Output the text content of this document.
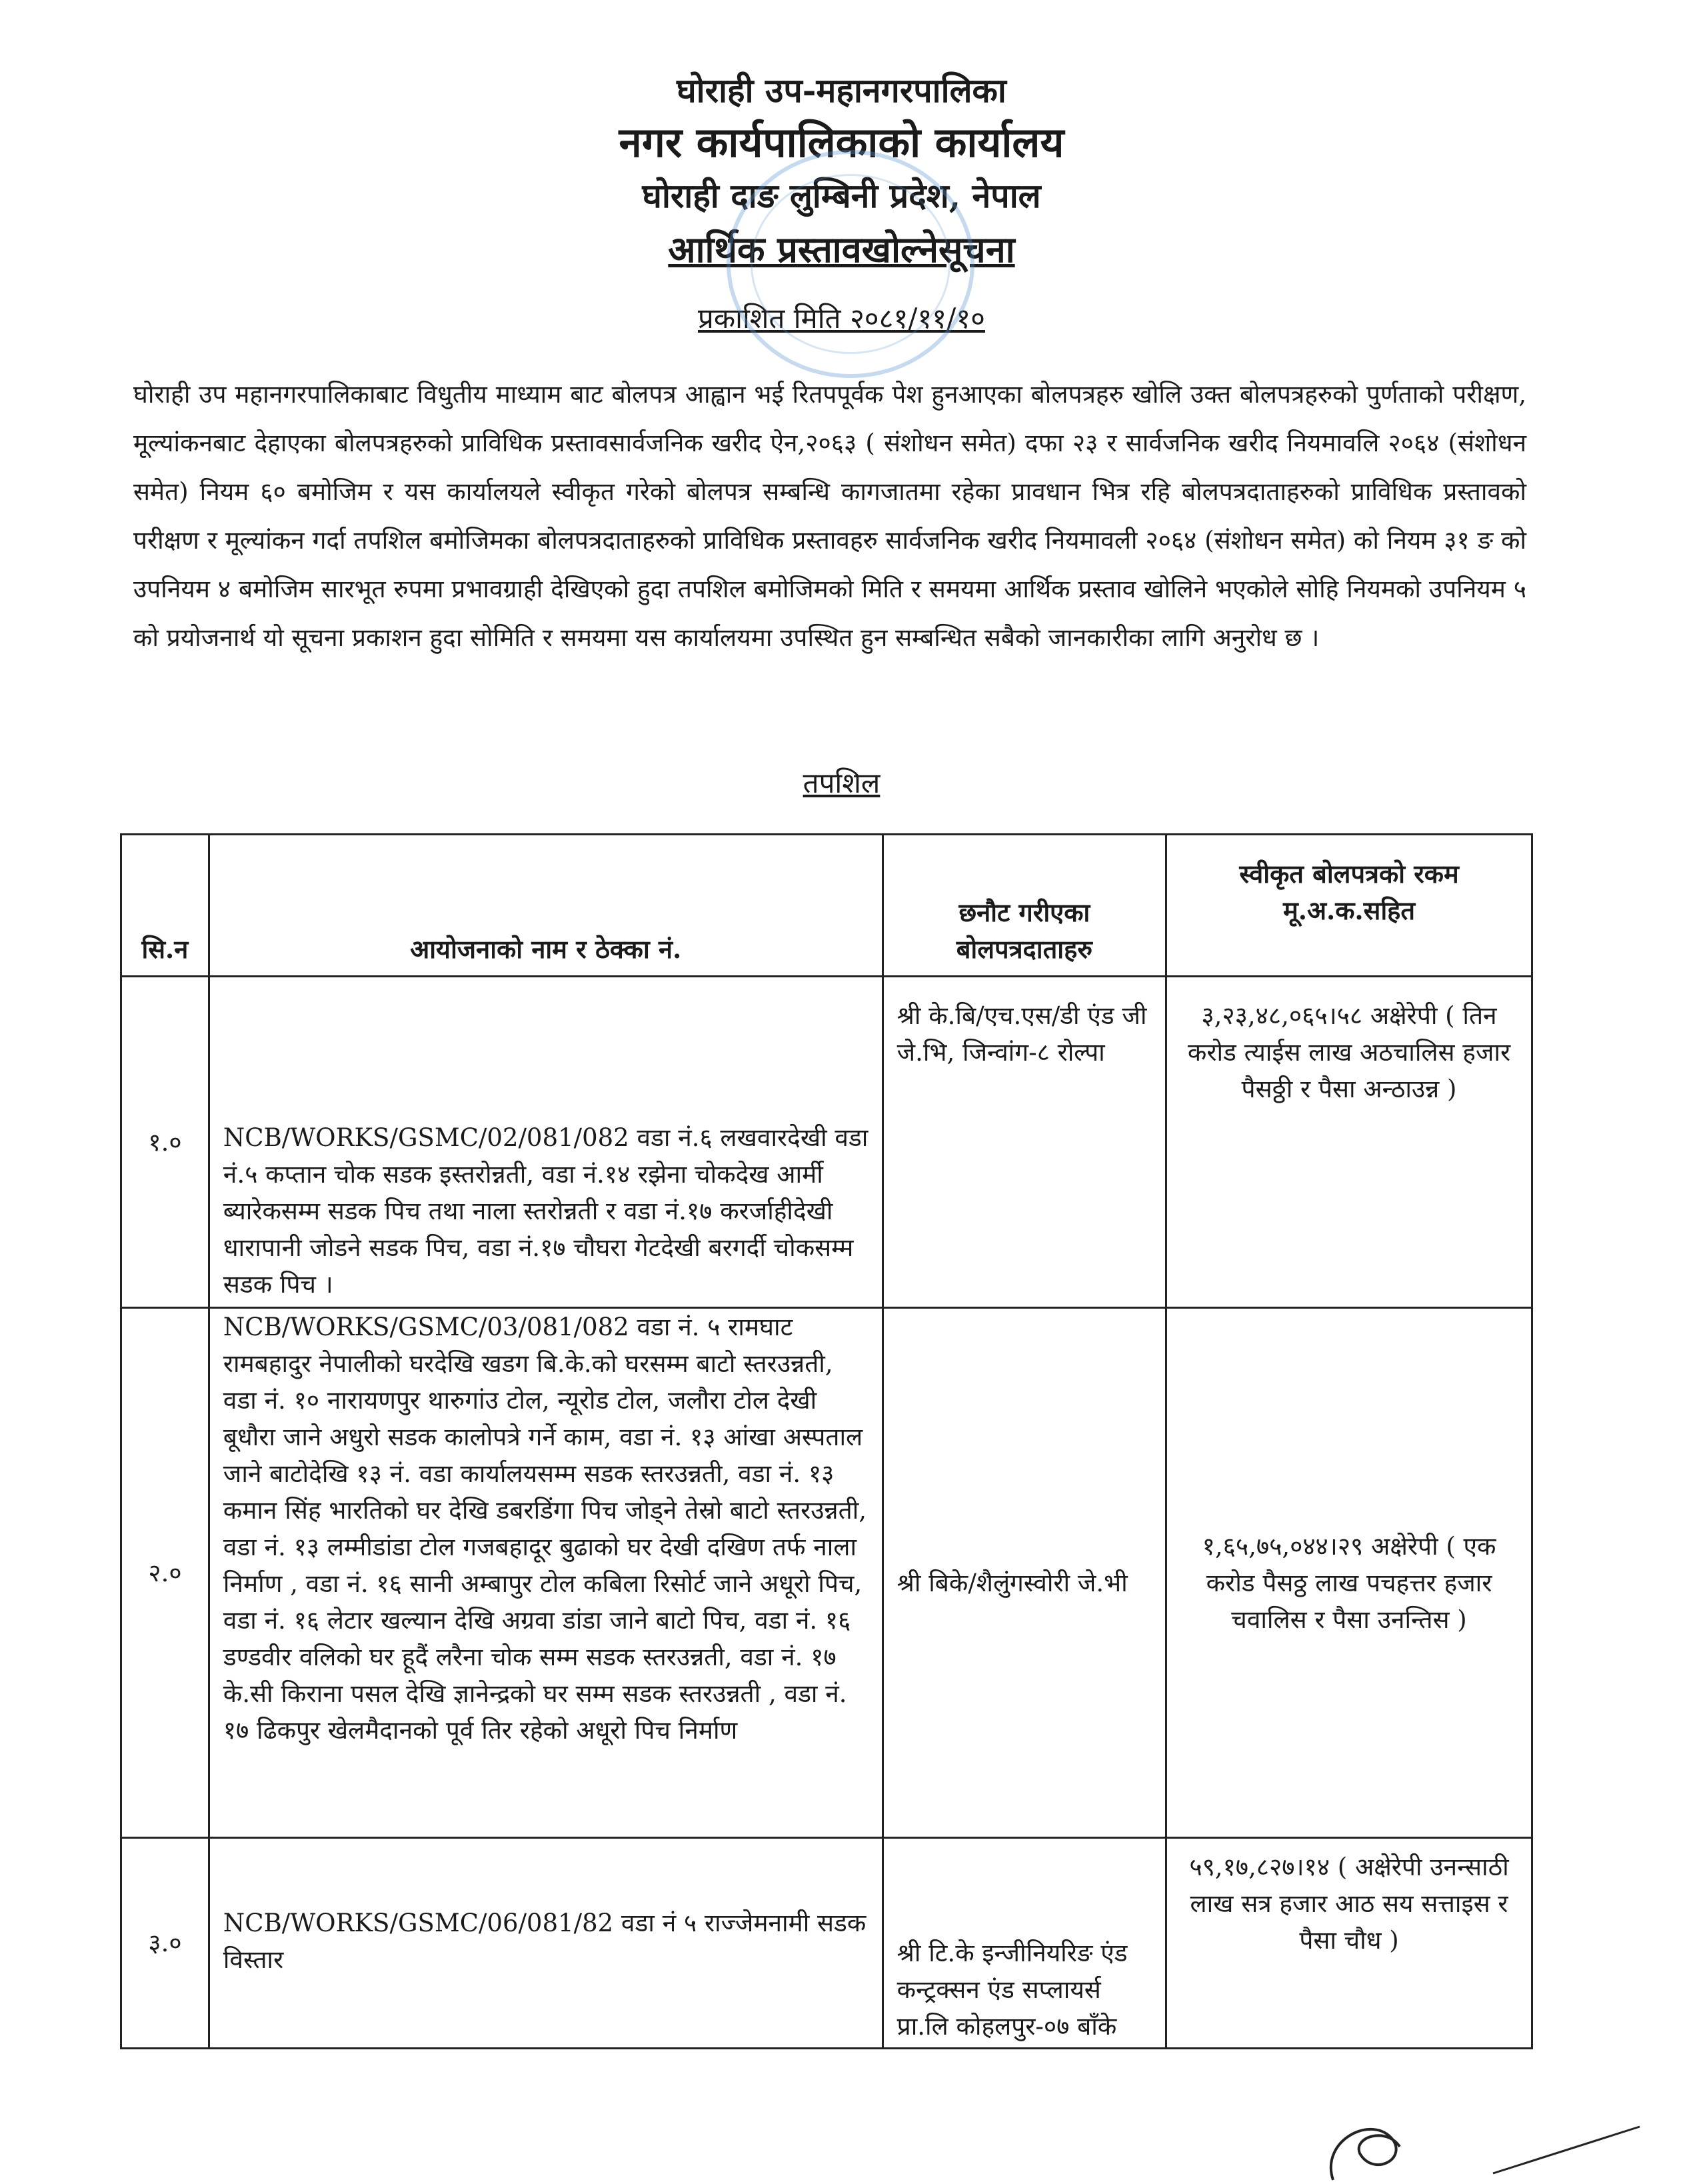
घोराही उप-महानगरपालिका
नगर कार्यपालिकाको कार्यालय
घोराही दाङ लुम्बिनी प्रदेश, नेपाल
आर्थिक प्रस्तावखोल्नेसूचना
प्रकाशित मिति २०८१/११/१०
घोराही उप महानगरपालिकाबाट विधुतीय माध्याम बाट बोलपत्र आह्वान भई रितपपूर्वक पेश हुनआएका बोलपत्रहरु खोलि उक्त बोलपत्रहरुको पुर्णताको परीक्षण, मूल्यांकनबाट देहाएका बोलपत्रहरुको प्राविधिक प्रस्तावसार्वजनिक खरीद ऐन,२०६३ ( संशोधन समेत) दफा २३ र सार्वजनिक खरीद नियमावलि २०६४ (संशोधन समेत) नियम ६० बमोजिम र यस कार्यालयले स्वीकृत गरेको बोलपत्र सम्बन्धि कागजातमा रहेका प्रावधान भित्र रहि बोलपत्रदाताहरुको प्राविधिक प्रस्तावको परीक्षण र मूल्यांकन गर्दा तपशिल बमोजिमका बोलपत्रदाताहरुको प्राविधिक प्रस्तावहरु सार्वजनिक खरीद नियमावली २०६४ (संशोधन समेत) को नियम ३१ ङ को उपनियम ४ बमोजिम सारभूत रुपमा प्रभावग्राही देखिएको हुदा तपशिल बमोजिमको मिति र समयमा आर्थिक प्रस्ताव खोलिने भएकोले सोहि नियमको उपनियम ५ को प्रयोजनार्थ यो सूचना प्रकाशन हुदा सोमिति र समयमा यस कार्यालयमा उपस्थित हुन सम्बन्धित सबैको जानकारीका लागि अनुरोध छ ।
तपशिल
सि.न	आयोजनाको नाम र ठेक्का नं.	छनौट गरीएका बोलपत्रदाताहरु	स्वीकृत बोलपत्रको रकम मू.अ.क.सहित
१.०	NCB/WORKS/GSMC/02/081/082 वडा नं.६ लखवारदेखी वडा नं.५ कप्तान चोक सडक इस्तरोन्नती, वडा नं.१४ रझेना चोकदेख आर्मी ब्यारेकसम्म सडक पिच तथा नाला स्तरोन्नती र वडा नं.१७ करर्जाहीदेखी धारापानी जोडने सडक पिच, वडा नं.१७ चौघरा गेटदेखी बरगर्दी चोकसम्म सडक पिच ।	श्री के.बि/एच.एस/डी एंड जी जे.भि, जिन्वांग-८ रोल्पा	३,२३,४८,०६५।५८ अक्षेरेपी ( तिन करोड त्याईस लाख अठचालिस हजार पैसठ्ठी र पैसा अन्ठाउन्न )
२.०	NCB/WORKS/GSMC/03/081/082 वडा नं. ५ रामघाट रामबहादुर नेपालीको घरदेखि खडग बि.के.को घरसम्म बाटो स्तरउन्नती, वडा नं. १० नारायणपुर थारुगांउ टोल, न्यूरोड टोल, जलौरा टोल देखी बूधौरा जाने अधुरो सडक कालोपत्रे गर्ने काम, वडा नं. १३ आंखा अस्पताल जाने बाटोदेखि १३ नं. वडा कार्यालयसम्म सडक स्तरउन्नती, वडा नं. १३ कमान सिंह भारतिको घर देखि डबरडिंगा पिच जोड्ने तेस्रो बाटो स्तरउन्नती, वडा नं. १३ लम्मीडांडा टोल गजबहादूर बुढाको घर देखी दखिण तर्फ नाला निर्माण , वडा नं. १६ सानी अम्बापुर टोल कबिला रिसोर्ट जाने अधूरो पिच, वडा नं. १६ लेटार खल्यान देखि अग्रवा डांडा जाने बाटो पिच, वडा नं. १६ डण्डवीर वलिको घर हूदैं लरैना चोक सम्म सडक स्तरउन्नती, वडा नं. १७ के.सी किराना पसल देखि ज्ञानेन्द्रको घर सम्म सडक स्तरउन्नती , वडा नं. १७ ढिकपुर खेलमैदानको पूर्व तिर रहेको अधूरो पिच निर्माण	श्री बिके/शैलुंगस्वोरी जे.भी	१,६५,७५,०४४।२९ अक्षेरेपी ( एक करोड पैसठ्ठ लाख पचहत्तर हजार चवालिस र पैसा उनन्तिस )
३.०	NCB/WORKS/GSMC/06/081/82 वडा नं ५ राज्जेमनामी सडक विस्तार	श्री टि.के इन्जीनियरिङ एंड कन्ट्रक्सन एंड सप्लायर्स प्रा.लि कोहलपुर-०७ बाँके	५९,१७,८२७।१४ ( अक्षेरेपी उनन्साठी लाख सत्र हजार आठ सय सत्ताइस र पैसा चौध )
